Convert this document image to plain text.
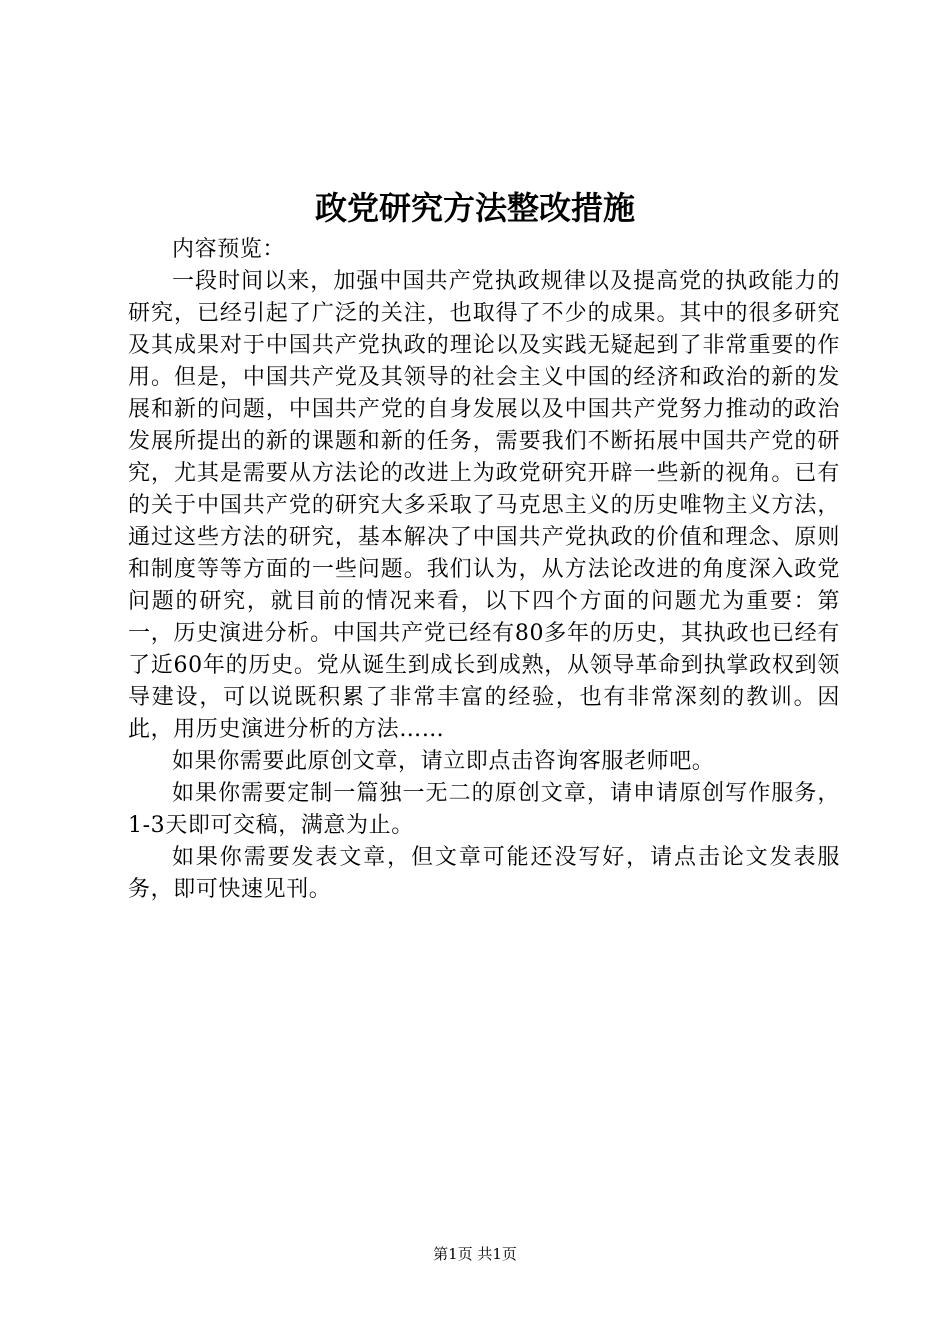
政党研究方法整改措施

内容预览：

一段时间以来，加强中国共产党执政规律以及提高党的执政能力的研究，已经引起了广泛的关注，也取得了不少的成果。其中的很多研究及其成果对于中国共产党执政的理论以及实践无疑起到了非常重要的作用。但是，中国共产党及其领导的社会主义中国的经济和政治的新的发展和新的问题，中国共产党的自身发展以及中国共产党努力推动的政治发展所提出的新的课题和新的任务，需要我们不断拓展中国共产党的研究，尤其是需要从方法论的改进上为政党研究开辟一些新的视角。已有的关于中国共产党的研究大多采取了马克思主义的历史唯物主义方法，通过这些方法的研究，基本解决了中国共产党执政的价值和理念、原则和制度等等方面的一些问题。我们认为，从方法论改进的角度深入政党问题的研究，就目前的情况来看，以下四个方面的问题尤为重要：第一，历史演进分析。中国共产党已经有80多年的历史，其执政也已经有了近60年的历史。党从诞生到成长到成熟，从领导革命到执掌政权到领导建设，可以说既积累了非常丰富的经验，也有非常深刻的教训。因此，用历史演进分析的方法……

如果你需要此原创文章，请立即点击咨询客服老师吧。

如果你需要定制一篇独一无二的原创文章，请申请原创写作服务，1-3天即可交稿，满意为止。

如果你需要发表文章，但文章可能还没写好，请点击论文发表服务，即可快速见刊。

第1页 共1页
